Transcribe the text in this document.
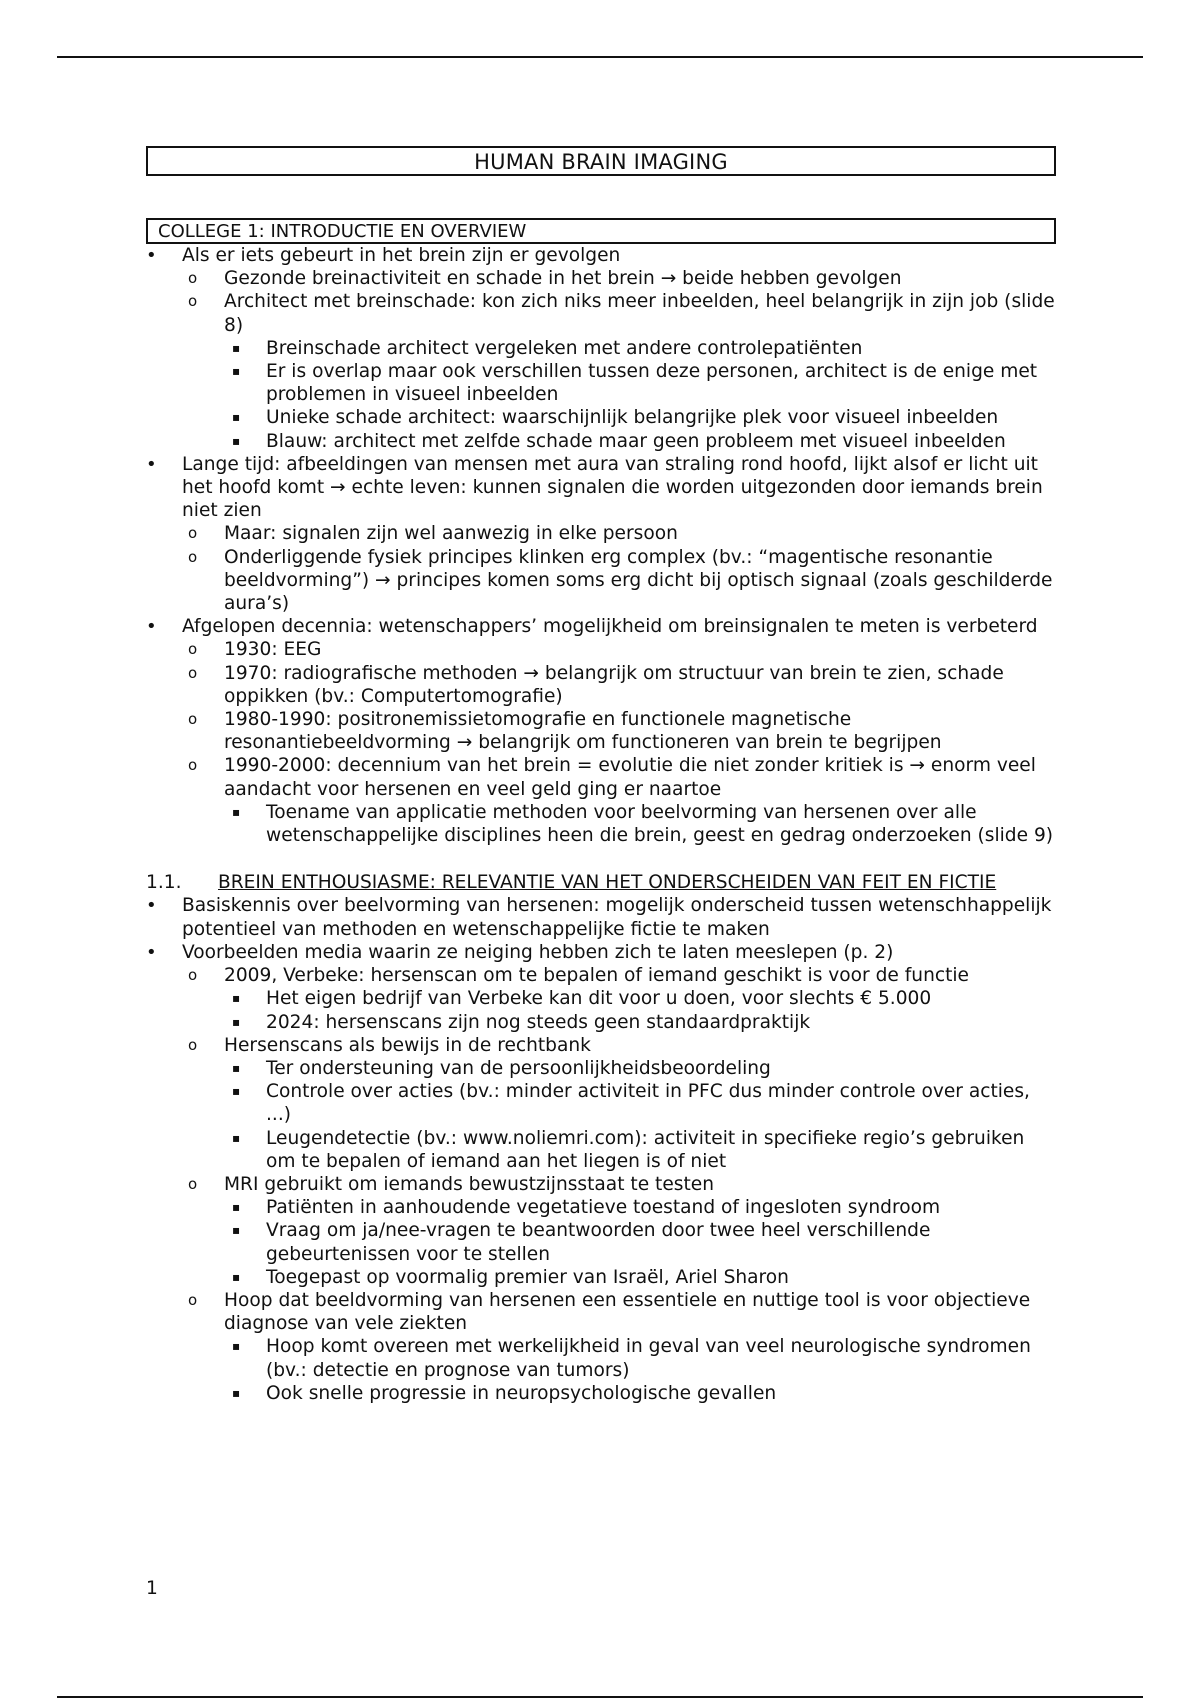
HUMAN BRAIN IMAGING
COLLEGE 1: INTRODUCTIE EN OVERVIEW
• Als er iets gebeurt in het brein zijn er gevolgen
o Gezonde breinactiviteit en schade in het brein → beide hebben gevolgen
o Architect met breinschade: kon zich niks meer inbeelden, heel belangrijk in zijn job (slide 8)
▪ Breinschade architect vergeleken met andere controlepatiënten
▪ Er is overlap maar ook verschillen tussen deze personen, architect is de enige met problemen in visueel inbeelden
▪ Unieke schade architect: waarschijnlijk belangrijke plek voor visueel inbeelden
▪ Blauw: architect met zelfde schade maar geen probleem met visueel inbeelden
• Lange tijd: afbeeldingen van mensen met aura van straling rond hoofd, lijkt alsof er licht uit het hoofd komt → echte leven: kunnen signalen die worden uitgezonden door iemands brein niet zien
o Maar: signalen zijn wel aanwezig in elke persoon
o Onderliggende fysiek principes klinken erg complex (bv.: “magentische resonantie beeldvorming”) → principes komen soms erg dicht bij optisch signaal (zoals geschilderde aura’s)
• Afgelopen decennia: wetenschappers’ mogelijkheid om breinsignalen te meten is verbeterd
o 1930: EEG
o 1970: radiografische methoden → belangrijk om structuur van brein te zien, schade oppikken (bv.: Computertomografie)
o 1980-1990: positronemissietomografie en functionele magnetische resonantiebeeldvorming → belangrijk om functioneren van brein te begrijpen
o 1990-2000: decennium van het brein = evolutie die niet zonder kritiek is → enorm veel aandacht voor hersenen en veel geld ging er naartoe
▪ Toename van applicatie methoden voor beelvorming van hersenen over alle wetenschappelijke disciplines heen die brein, geest en gedrag onderzoeken (slide 9)
1.1.	BREIN ENTHOUSIASME: RELEVANTIE VAN HET ONDERSCHEIDEN VAN FEIT EN FICTIE
• Basiskennis over beelvorming van hersenen: mogelijk onderscheid tussen wetenschhappelijk potentieel van methoden en wetenschappelijke fictie te maken
• Voorbeelden media waarin ze neiging hebben zich te laten meeslepen (p. 2)
o 2009, Verbeke: hersenscan om te bepalen of iemand geschikt is voor de functie
▪ Het eigen bedrijf van Verbeke kan dit voor u doen, voor slechts € 5.000
▪ 2024: hersenscans zijn nog steeds geen standaardpraktijk
o Hersenscans als bewijs in de rechtbank
▪ Ter ondersteuning van de persoonlijkheidsbeoordeling
▪ Controle over acties (bv.: minder activiteit in PFC dus minder controle over acties, ...)
▪ Leugendetectie (bv.: www.noliemri.com): activiteit in specifieke regio’s gebruiken om te bepalen of iemand aan het liegen is of niet
o MRI gebruikt om iemands bewustzijnsstaat te testen
▪ Patiënten in aanhoudende vegetatieve toestand of ingesloten syndroom
▪ Vraag om ja/nee-vragen te beantwoorden door twee heel verschillende gebeurtenissen voor te stellen
▪ Toegepast op voormalig premier van Israël, Ariel Sharon
o Hoop dat beeldvorming van hersenen een essentiele en nuttige tool is voor objectieve diagnose van vele ziekten
▪ Hoop komt overeen met werkelijkheid in geval van veel neurologische syndromen (bv.: detectie en prognose van tumors)
▪ Ook snelle progressie in neuropsychologische gevallen
1
